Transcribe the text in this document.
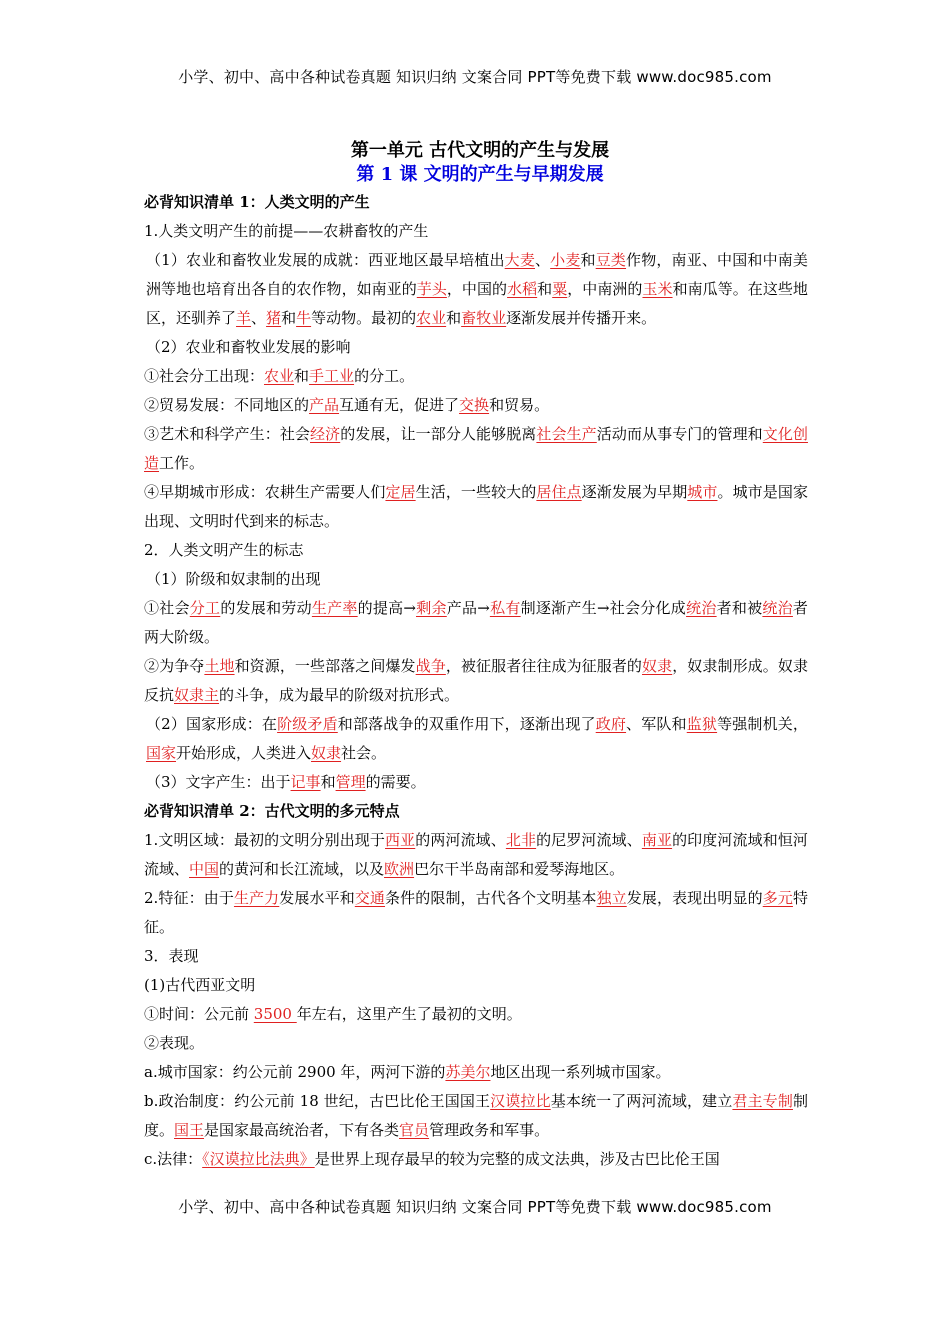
小学、初中、高中各种试卷真题 知识归纳 文案合同 PPT等免费下载 www.doc985.com
第一单元 古代文明的产生与发展
第 1 课 文明的产生与早期发展
必背知识清单 1：人类文明的产生
1.人类文明产生的前提——农耕畜牧的产生
（1）农业和畜牧业发展的成就：西亚地区最早培植出大麦、小麦和豆类作物，南亚、中国和中南美洲等地也培育出各自的农作物，如南亚的芋头，中国的水稻和粟，中南洲的玉米和南瓜等。在这些地区，还驯养了羊、猪和牛等动物。最初的农业和畜牧业逐渐发展并传播开来。
（2）农业和畜牧业发展的影响
①社会分工出现：农业和手工业的分工。
②贸易发展：不同地区的产品互通有无，促进了交换和贸易。
③艺术和科学产生：社会经济的发展，让一部分人能够脱离社会生产活动而从事专门的管理和文化创造工作。
④早期城市形成：农耕生产需要人们定居生活，一些较大的居住点逐渐发展为早期城市。城市是国家出现、文明时代到来的标志。
2．人类文明产生的标志
（1）阶级和奴隶制的出现
①社会分工的发展和劳动生产率的提高→剩余产品→私有制逐渐产生→社会分化成统治者和被统治者两大阶级。
②为争夺土地和资源，一些部落之间爆发战争，被征服者往往成为征服者的奴隶，奴隶制形成。奴隶反抗奴隶主的斗争，成为最早的阶级对抗形式。
（2）国家形成：在阶级矛盾和部落战争的双重作用下，逐渐出现了政府、军队和监狱等强制机关，国家开始形成，人类进入奴隶社会。
（3）文字产生：出于记事和管理的需要。
必背知识清单 2：古代文明的多元特点
1.文明区域：最初的文明分别出现于西亚的两河流域、北非的尼罗河流域、南亚的印度河流域和恒河流域、中国的黄河和长江流域，以及欧洲巴尔干半岛南部和爱琴海地区。
2.特征：由于生产力发展水平和交通条件的限制，古代各个文明基本独立发展，表现出明显的多元特征。
3．表现
(1)古代西亚文明
①时间：公元前 3500 年左右，这里产生了最初的文明。
②表现。
a.城市国家：约公元前 2900 年，两河下游的苏美尔地区出现一系列城市国家。
b.政治制度：约公元前 18 世纪，古巴比伦王国国王汉谟拉比基本统一了两河流域，建立君主专制制度。国王是国家最高统治者，下有各类官员管理政务和军事。
c.法律：《汉谟拉比法典》是世界上现存最早的较为完整的成文法典，涉及古巴比伦王国
小学、初中、高中各种试卷真题 知识归纳 文案合同 PPT等免费下载 www.doc985.com
